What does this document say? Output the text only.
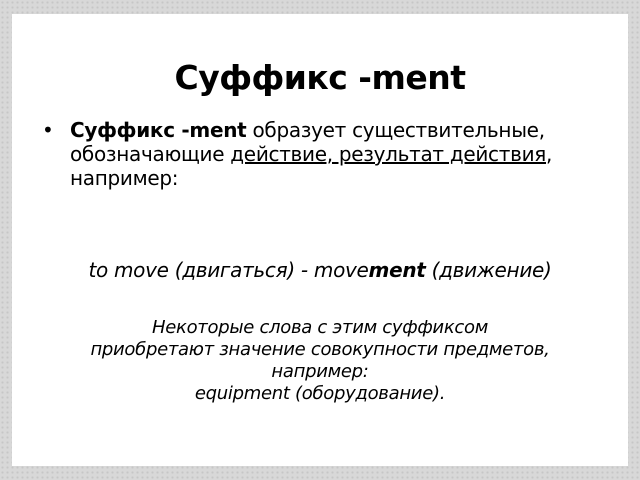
Суффикс -ment
• Суффикс -ment образует существительные, обозначающие действие, результат действия, например:
to move (двигаться) - movement (движение)
Некоторые слова с этим суффиксом
приобретают значение совокупности предметов,
например:
equipment (оборудование).
